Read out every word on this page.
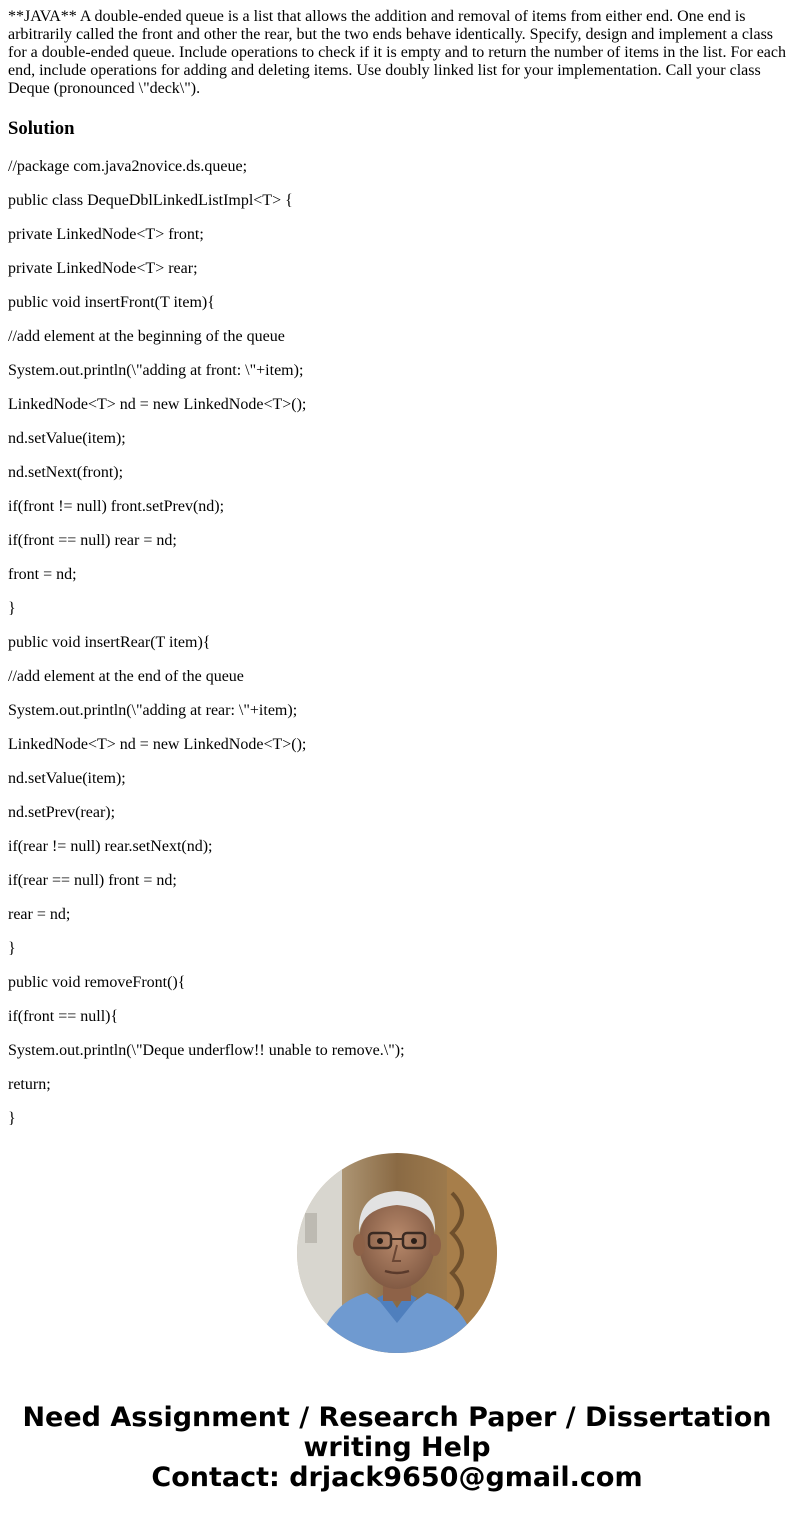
**JAVA** A double-ended queue is a list that allows the addition and removal of items from either end. One end is arbitrarily called the front and other the rear, but the two ends behave identically. Specify, design and implement a class for a double-ended queue. Include operations to check if it is empty and to return the number of items in the list. For each end, include operations for adding and deleting items. Use doubly linked list for your implementation. Call your class Deque (pronounced \"deck\").

Solution

//package com.java2novice.ds.queue;

public class DequeDblLinkedListImpl<T> {

private LinkedNode<T> front;

private LinkedNode<T> rear;

public void insertFront(T item){

//add element at the beginning of the queue

System.out.println(\"adding at front: \"+item);

LinkedNode<T> nd = new LinkedNode<T>();

nd.setValue(item);

nd.setNext(front);

if(front != null) front.setPrev(nd);

if(front == null) rear = nd;

front = nd;

}

public void insertRear(T item){

//add element at the end of the queue

System.out.println(\"adding at rear: \"+item);

LinkedNode<T> nd = new LinkedNode<T>();

nd.setValue(item);

nd.setPrev(rear);

if(rear != null) rear.setNext(nd);

if(rear == null) front = nd;

rear = nd;

}

public void removeFront(){

if(front == null){

System.out.println(\"Deque underflow!! unable to remove.\");

return;

}

Need Assignment / Research Paper / Dissertation
writing Help
Contact: drjack9650@gmail.com
